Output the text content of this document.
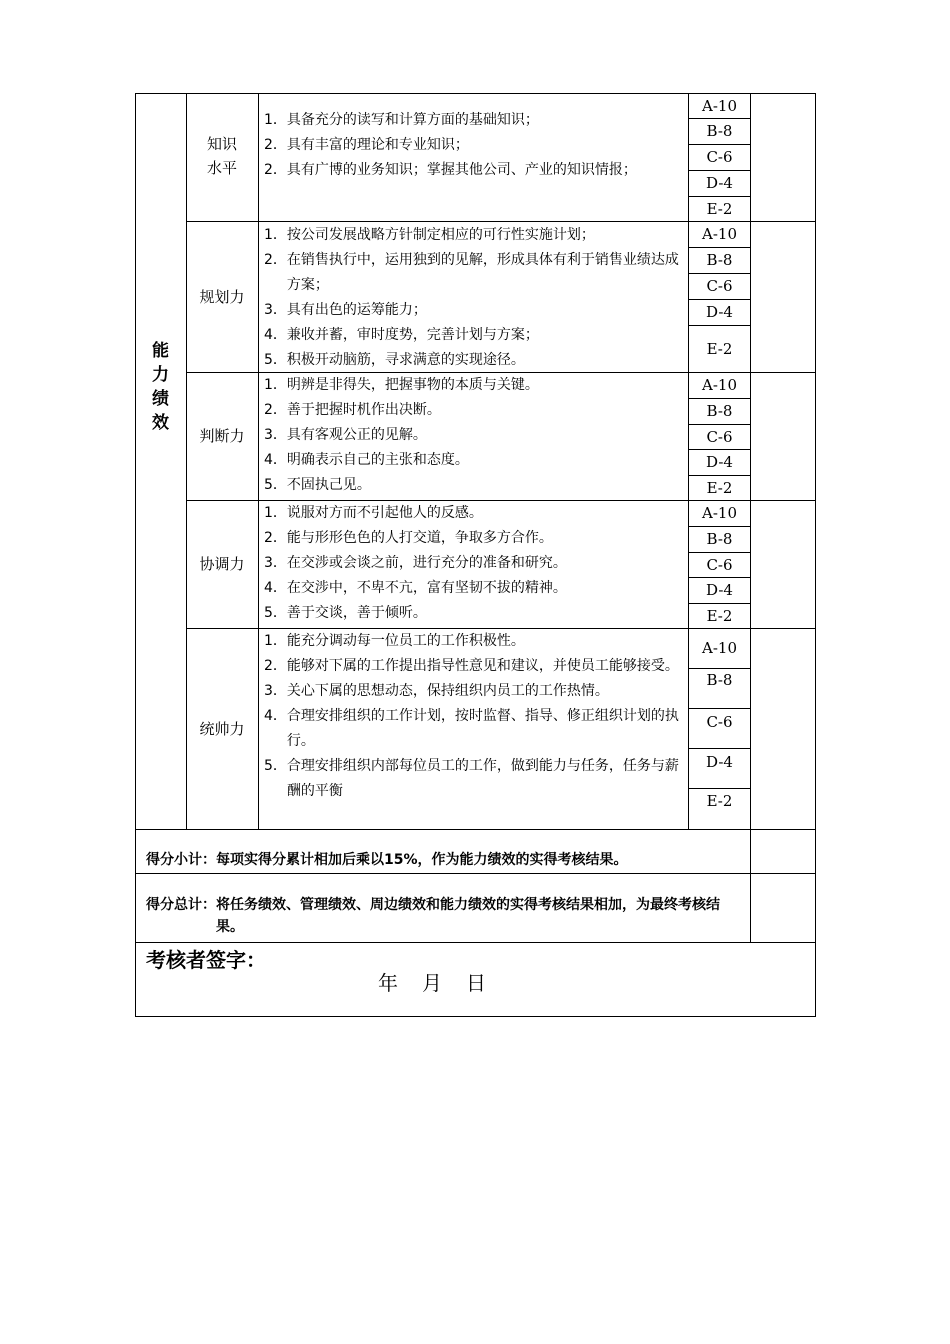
能
力
绩
效
知识
水平
1． 具备充分的读写和计算方面的基础知识；
2． 具有丰富的理论和专业知识；
2． 具有广博的业务知识；掌握其他公司、产业的知识情报；
A-10
B-8
C-6
D-4
E-2
规划力
1． 按公司发展战略方针制定相应的可行性实施计划；
2． 在销售执行中，运用独到的见解，形成具体有利于销售业绩达成方案；
3． 具有出色的运筹能力；
4． 兼收并蓄，审时度势，完善计划与方案；
5． 积极开动脑筋，寻求满意的实现途径。
A-10
B-8
C-6
D-4
E-2
判断力
1． 明辨是非得失，把握事物的本质与关键。
2． 善于把握时机作出决断。
3． 具有客观公正的见解。
4． 明确表示自己的主张和态度。
5． 不固执己见。
A-10
B-8
C-6
D-4
E-2
协调力
1． 说服对方而不引起他人的反感。
2． 能与形形色色的人打交道，争取多方合作。
3． 在交涉或会谈之前，进行充分的准备和研究。
4． 在交涉中，不卑不亢，富有坚韧不拔的精神。
5． 善于交谈，善于倾听。
A-10
B-8
C-6
D-4
E-2
统帅力
1． 能充分调动每一位员工的工作积极性。
2． 能够对下属的工作提出指导性意见和建议，并使员工能够接受。
3． 关心下属的思想动态，保持组织内员工的工作热情。
4． 合理安排组织的工作计划，按时监督、指导、修正组织计划的执行。
5． 合理安排组织内部每位员工的工作，做到能力与任务，任务与薪酬的平衡
A-10
B-8
C-6
D-4
E-2
得分小计：每项实得分累计相加后乘以15%，作为能力绩效的实得考核结果。
得分总计： 将任务绩效、管理绩效、周边绩效和能力绩效的实得考核结果相加，为最终考核结果。
考核者签字：
年　月　日
